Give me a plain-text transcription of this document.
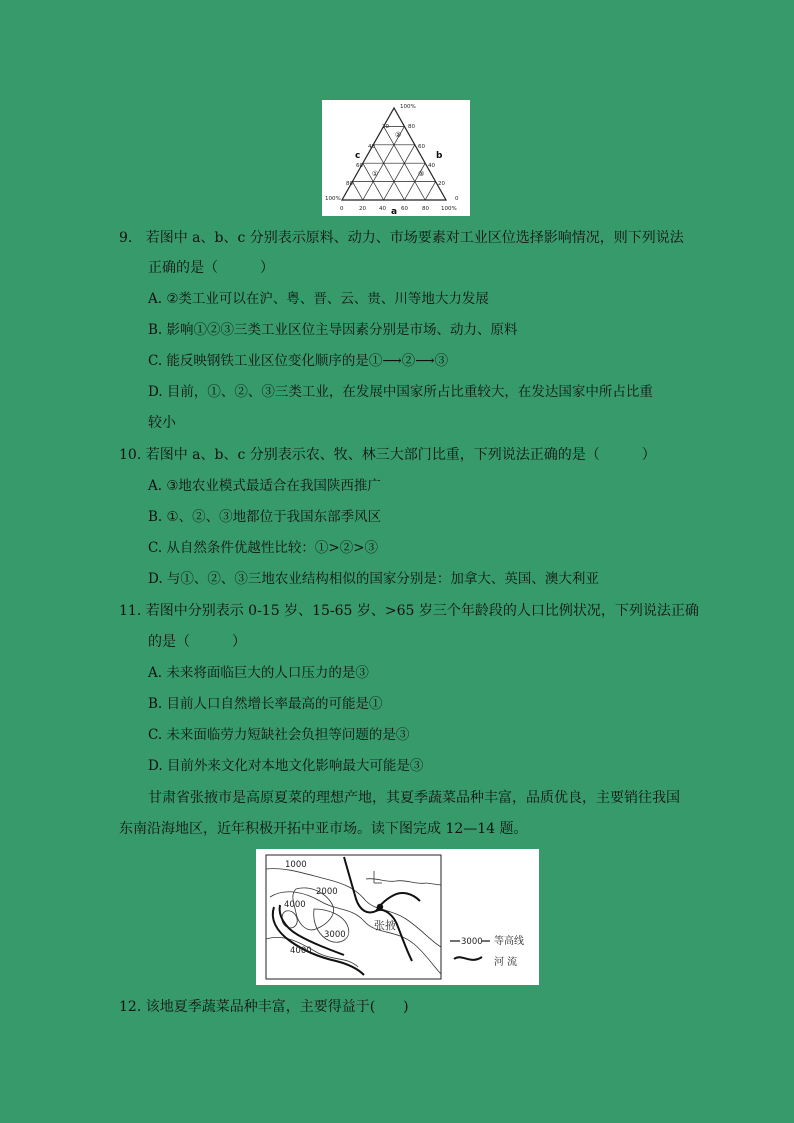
100%
100%	0
0	20 40	60	80 100%
20
40
60
80
80
60
40
20
a
b
c
②
①	③
9. 若图中 a、b、c 分别表示原料、动力、市场要素对工业区位选择影响情况，则下列说法
正确的是（　　　）
A. ②类工业可以在沪、粤、晋、云、贵、川等地大力发展
B. 影响①②③三类工业区位主导因素分别是市场、动力、原料
C. 能反映钢铁工业区位变化顺序的是①⟶②⟶③
D. 目前，①、②、③三类工业，在发展中国家所占比重较大，在发达国家中所占比重
较小
10. 若图中 a、b、c 分别表示农、牧、林三大部门比重，下列说法正确的是（　　　）
A. ③地农业模式最适合在我国陕西推广
B. ①、②、③地都位于我国东部季风区
C. 从自然条件优越性比较：①>②>③
D. 与①、②、③三地农业结构相似的国家分别是：加拿大、英国、澳大利亚
11. 若图中分别表示 0-15 岁、15-65 岁、>65 岁三个年龄段的人口比例状况，下列说法正确
的是（　　　）
A. 未来将面临巨大的人口压力的是③
B. 目前人口自然增长率最高的可能是①
C. 未来面临劳力短缺社会负担等问题的是③
D. 目前外来文化对本地文化影响最大可能是③
甘肃省张掖市是高原夏菜的理想产地，其夏季蔬菜品种丰富，品质优良，主要销往我国
东南沿海地区，近年积极开拓中亚市场。读下图完成 12—14 题。
1000
2000
4000
3000
4000
张掖
3000 等高线
河 流
12. 该地夏季蔬菜品种丰富，主要得益于(　　)
